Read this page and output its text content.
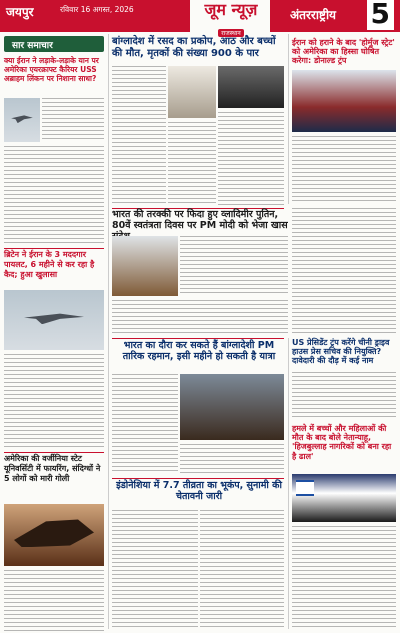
जयपुर	रविवार 16 अगस्त, 2026	जूम न्यूज़
राजस्थान
अंतरराष्ट्रीय 5
सार समाचार
क्या ईरान ने लड़ाके-लड़ाके यान पर अमेरिका एयरक्राफ्ट कैरियर USS अब्राहम लिंकन पर निशाना साधा?
ब्रिटेन ने ईरान के 3 मददगार पायलट, 6 महीने से कर रहा है कैद; हुआ खुलासा
अमेरिका की वर्जीनिया स्टेट यूनिवर्सिटी में फायरिंग, संदिग्धों ने 5 लोगों को मारी गोली
बांग्लादेश में रसद का प्रकोप, आठ और बच्चों की मौत, मृतकों की संख्या 900 के पार
ईरान को हराने के बाद 'होर्मुज स्ट्रेट' को अमेरिका का हिस्सा घोषित करेगा: डोनाल्ड ट्रंप
भारत की तरक्की पर फिदा हुए व्लादिमीर पुतिन, 80वें स्वतंत्रता दिवस पर PM मोदी को भेजा खास
भारत का दौरा कर सकते हैं बांग्लादेशी PM तारिक रहमान, इसी महीने हो सकती है यात्रा
US प्रेसिडेंट ट्रंप करेंगे चीनी ड्राइव हाउस प्रेस सचिव की नियुक्ति? दावेदारी की दौड़ में कई नाम
हमले में बच्चों और महिलाओं की मौत के बाद बोले नेतान्याहू, 'हिजबुल्लाह नागरिकों को बना रहा है ढाल'
इंडोनेशिया में 7.7 तीव्रता का भूकंप, सुनामी की चेतावनी जारी
